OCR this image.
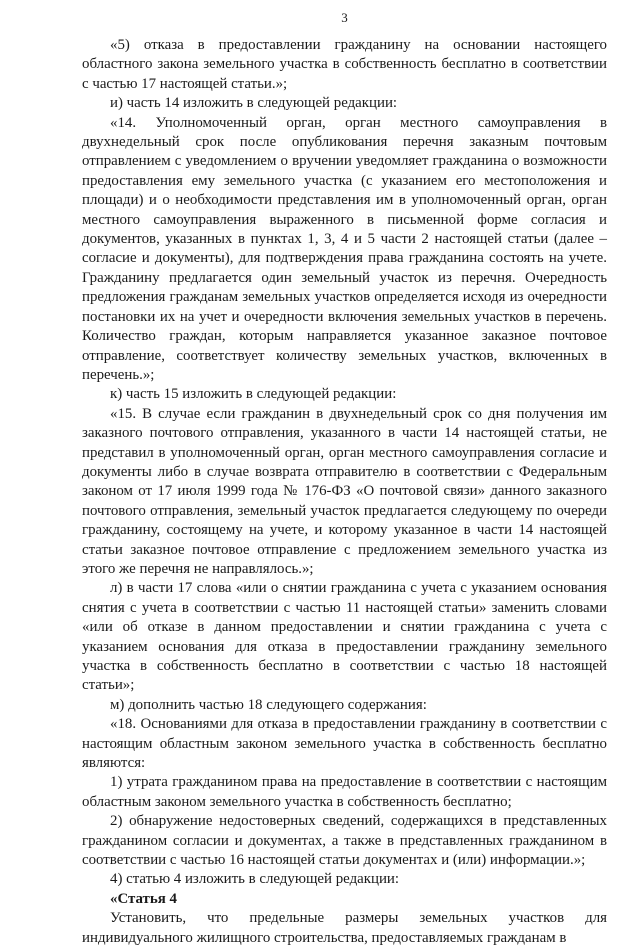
3

«5) отказа в предоставлении гражданину на основании настоящего областного закона земельного участка в собственность бесплатно в соответствии с частью 17 настоящей статьи.»;

и) часть 14 изложить в следующей редакции:

«14. Уполномоченный орган, орган местного самоуправления в двухнедельный срок после опубликования перечня заказным почтовым отправлением с уведомлением о вручении уведомляет гражданина о возможности предоставления ему земельного участка (с указанием его местоположения и площади) и о необходимости представления им в уполномоченный орган, орган местного самоуправления выраженного в письменной форме согласия и документов, указанных в пунктах 1, 3, 4 и 5 части 2 настоящей статьи (далее – согласие и документы), для подтверждения права гражданина состоять на учете. Гражданину предлагается один земельный участок из перечня. Очередность предложения гражданам земельных участков определяется исходя из очередности постановки их на учет и очередности включения земельных участков в перечень. Количество граждан, которым направляется указанное заказное почтовое отправление, соответствует количеству земельных участков, включенных в перечень.»;

к) часть 15 изложить в следующей редакции:

«15. В случае если гражданин в двухнедельный срок со дня получения им заказного почтового отправления, указанного в части 14 настоящей статьи, не представил в уполномоченный орган, орган местного самоуправления согласие и документы либо в случае возврата отправителю в соответствии с Федеральным законом от 17 июля 1999 года № 176-ФЗ «О почтовой связи» данного заказного почтового отправления, земельный участок предлагается следующему по очереди гражданину, состоящему на учете, и которому указанное в части 14 настоящей статьи заказное почтовое отправление с предложением земельного участка из этого же перечня не направлялось.»;

л) в части 17 слова «или о снятии гражданина с учета с указанием основания снятия с учета в соответствии с частью 11 настоящей статьи» заменить словами «или об отказе в данном предоставлении и снятии гражданина с учета с указанием основания для отказа в предоставлении гражданину земельного участка в собственность бесплатно в соответствии с частью 18 настоящей статьи»;

м) дополнить частью 18 следующего содержания:

«18. Основаниями для отказа в предоставлении гражданину в соответствии с настоящим областным законом земельного участка в собственность бесплатно являются:

1) утрата гражданином права на предоставление в соответствии с настоящим областным законом земельного участка в собственность бесплатно;

2) обнаружение недостоверных сведений, содержащихся в представленных гражданином согласии и документах, а также в представленных гражданином в соответствии с частью 16 настоящей статьи документах и (или) информации.»;

4) статью 4 изложить в следующей редакции:

«Статья 4

Установить, что предельные размеры земельных участков для индивидуального жилищного строительства, предоставляемых гражданам в
